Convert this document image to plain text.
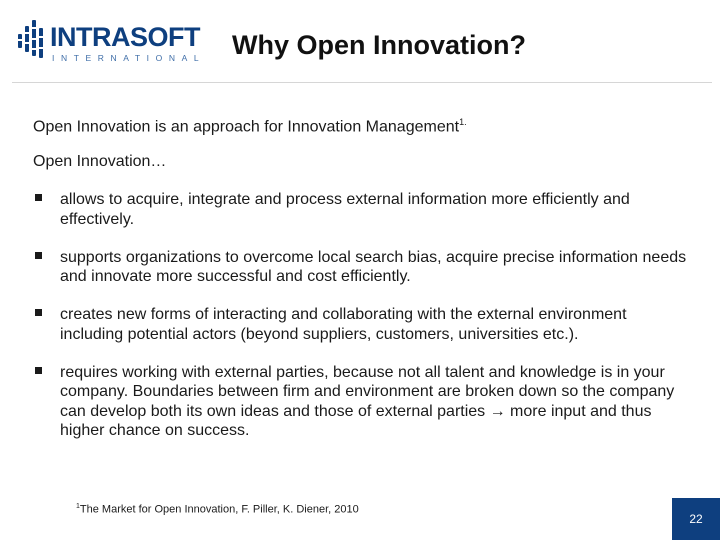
INTRASOFT
INTERNATIONAL Why Open Innovation?
Open Innovation is an approach for Innovation Management$^{1.}$
Open Innovation…
allows to acquire, integrate and process external information more efficiently and effectively.
supports organizations to overcome local search bias, acquire precise information needs and innovate more successful and cost efficiently.
creates new forms of interacting and collaborating with the external environment including potential actors (beyond suppliers, customers, universities etc.).
requires working with external parties, because not all talent and knowledge is in your company. Boundaries between firm and environment are broken down so the company can develop both its own ideas and those of external parties → more input and thus higher chance on success.
$^1$The Market for Open Innovation, F. Piller, K. Diener, 2010
22
